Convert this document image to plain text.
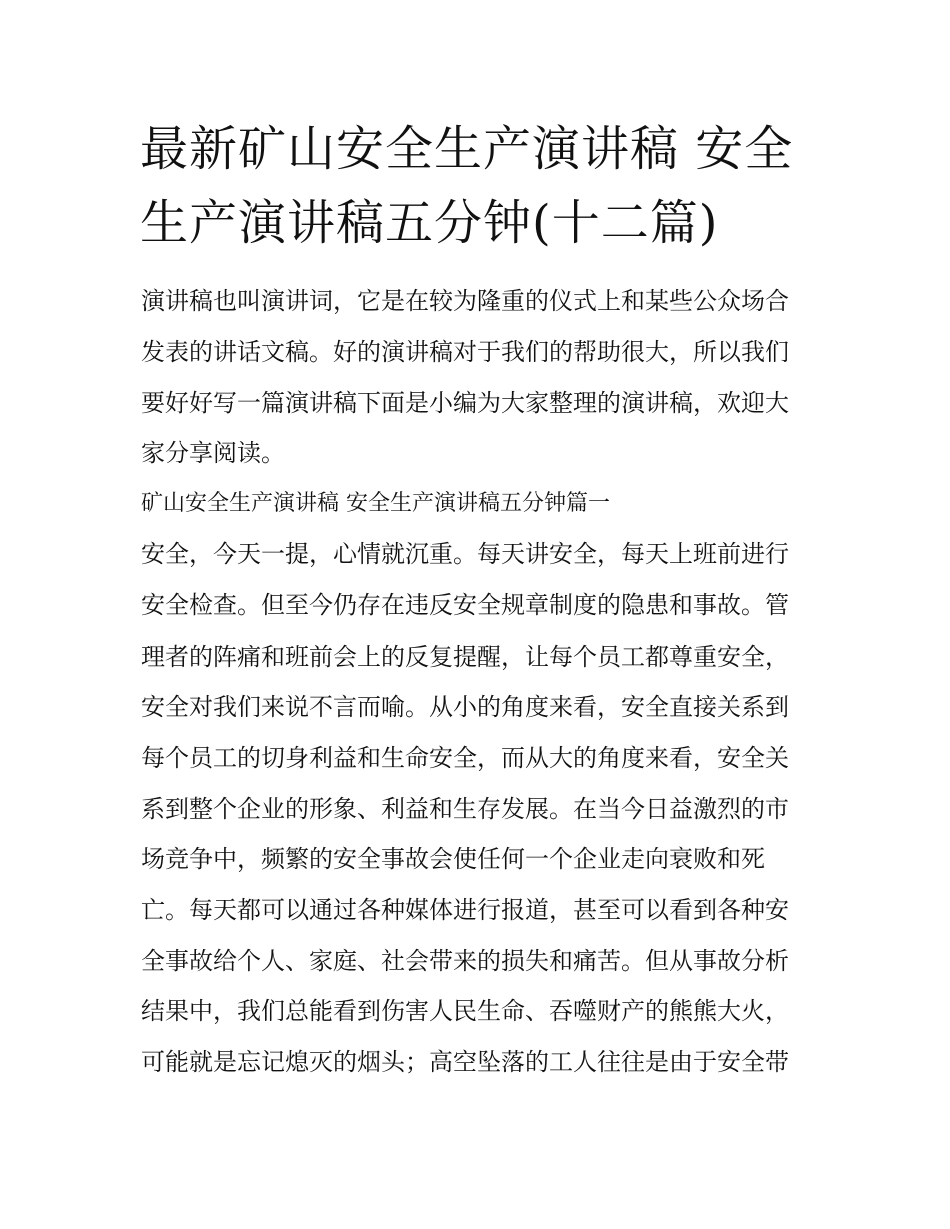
最新矿山安全生产演讲稿 安全生产演讲稿五分钟(十二篇)

演讲稿也叫演讲词，它是在较为隆重的仪式上和某些公众场合

发表的讲话文稿。好的演讲稿对于我们的帮助很大，所以我们

要好好写一篇演讲稿下面是小编为大家整理的演讲稿，欢迎大

家分享阅读。

矿山安全生产演讲稿 安全生产演讲稿五分钟篇一

安全，今天一提，心情就沉重。每天讲安全，每天上班前进行

安全检查。但至今仍存在违反安全规章制度的隐患和事故。管

理者的阵痛和班前会上的反复提醒，让每个员工都尊重安全，

安全对我们来说不言而喻。从小的角度来看，安全直接关系到

每个员工的切身利益和生命安全，而从大的角度来看，安全关

系到整个企业的形象、利益和生存发展。在当今日益激烈的市

场竞争中，频繁的安全事故会使任何一个企业走向衰败和死

亡。每天都可以通过各种媒体进行报道，甚至可以看到各种安

全事故给个人、家庭、社会带来的损失和痛苦。但从事故分析

结果中，我们总能看到伤害人民生命、吞噬财产的熊熊大火，

可能就是忘记熄灭的烟头；高空坠落的工人往往是由于安全带
